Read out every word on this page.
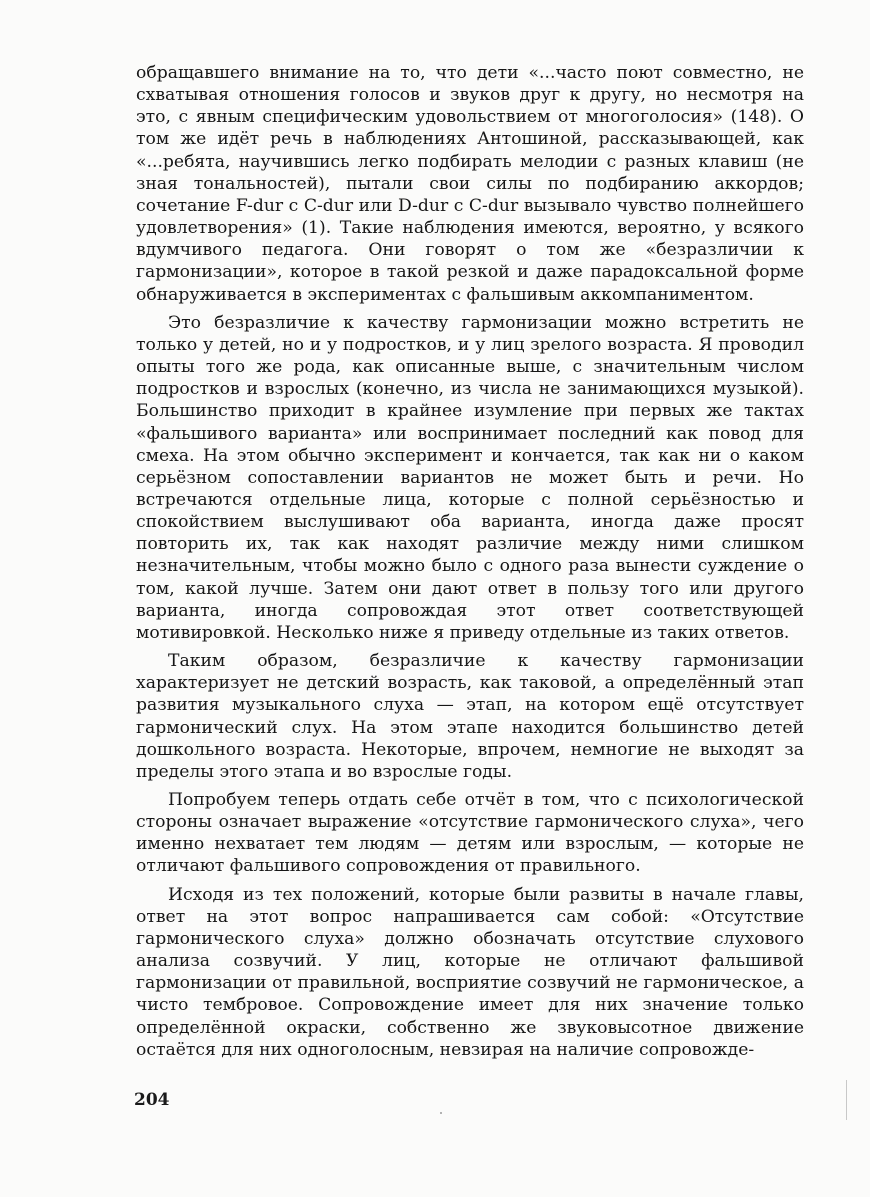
обращавшего внимание на то, что дети «...часто поют совместно, не схватывая отношения голосов и звуков друг к другу, но несмотря на это, с явным специфическим удовольствием от многоголосия» (148). О том же идёт речь в наблюдениях Антошиной, рассказывающей, как «...ребята, научившись легко подбирать мелодии с разных клавиш (не зная тональностей), пытали свои силы по подбиранию аккордов; сочетание F-dur с C-dur или D-dur с C-dur вызывало чувство полнейшего удовлетворения» (1). Такие наблюдения имеются, вероятно, у всякого вдумчивого педагога. Они говорят о том же «безразличии к гармонизации», которое в такой резкой и даже парадоксальной форме обнаруживается в экспериментах с фальшивым аккомпаниментом.

Это безразличие к качеству гармонизации можно встретить не только у детей, но и у подростков, и у лиц зрелого возраста. Я проводил опыты того же рода, как описанные выше, с значительным числом подростков и взрослых (конечно, из числа не занимающихся музыкой). Большинство приходит в крайнее изумление при первых же тактах «фальшивого варианта» или воспринимает последний как повод для смеха. На этом обычно эксперимент и кончается, так как ни о каком серьёзном сопоставлении вариантов не может быть и речи. Но встречаются отдельные лица, которые с полной серьёзностью и спокойствием выслушивают оба варианта, иногда даже просят повторить их, так как находят различие между ними слишком незначительным, чтобы можно было с одного раза вынести суждение о том, какой лучше. Затем они дают ответ в пользу того или другого варианта, иногда сопровождая этот ответ соответствующей мотивировкой. Несколько ниже я приведу отдельные из таких ответов.

Таким образом, безразличие к качеству гармонизации характеризует не детский возрасть, как таковой, а определённый этап развития музыкального слуха — этап, на котором ещё отсутствует гармонический слух. На этом этапе находится большинство детей дошкольного возраста. Некоторые, впрочем, немногие не выходят за пределы этого этапа и во взрослые годы.

Попробуем теперь отдать себе отчёт в том, что с психологической стороны означает выражение «отсутствие гармонического слуха», чего именно нехватает тем людям — детям или взрослым, — которые не отличают фальшивого сопровождения от правильного.

Исходя из тех положений, которые были развиты в начале главы, ответ на этот вопрос напрашивается сам собой: «Отсутствие гармонического слуха» должно обозначать отсутствие слухового анализа созвучий. У лиц, которые не отличают фальшивой гармонизации от правильной, восприятие созвучий не гармоническое, а чисто тембровое. Сопровождение имеет для них значение только определённой окраски, собственно же звуковысотное движение остаётся для них одноголосным, невзирая на наличие сопровожде-

204
